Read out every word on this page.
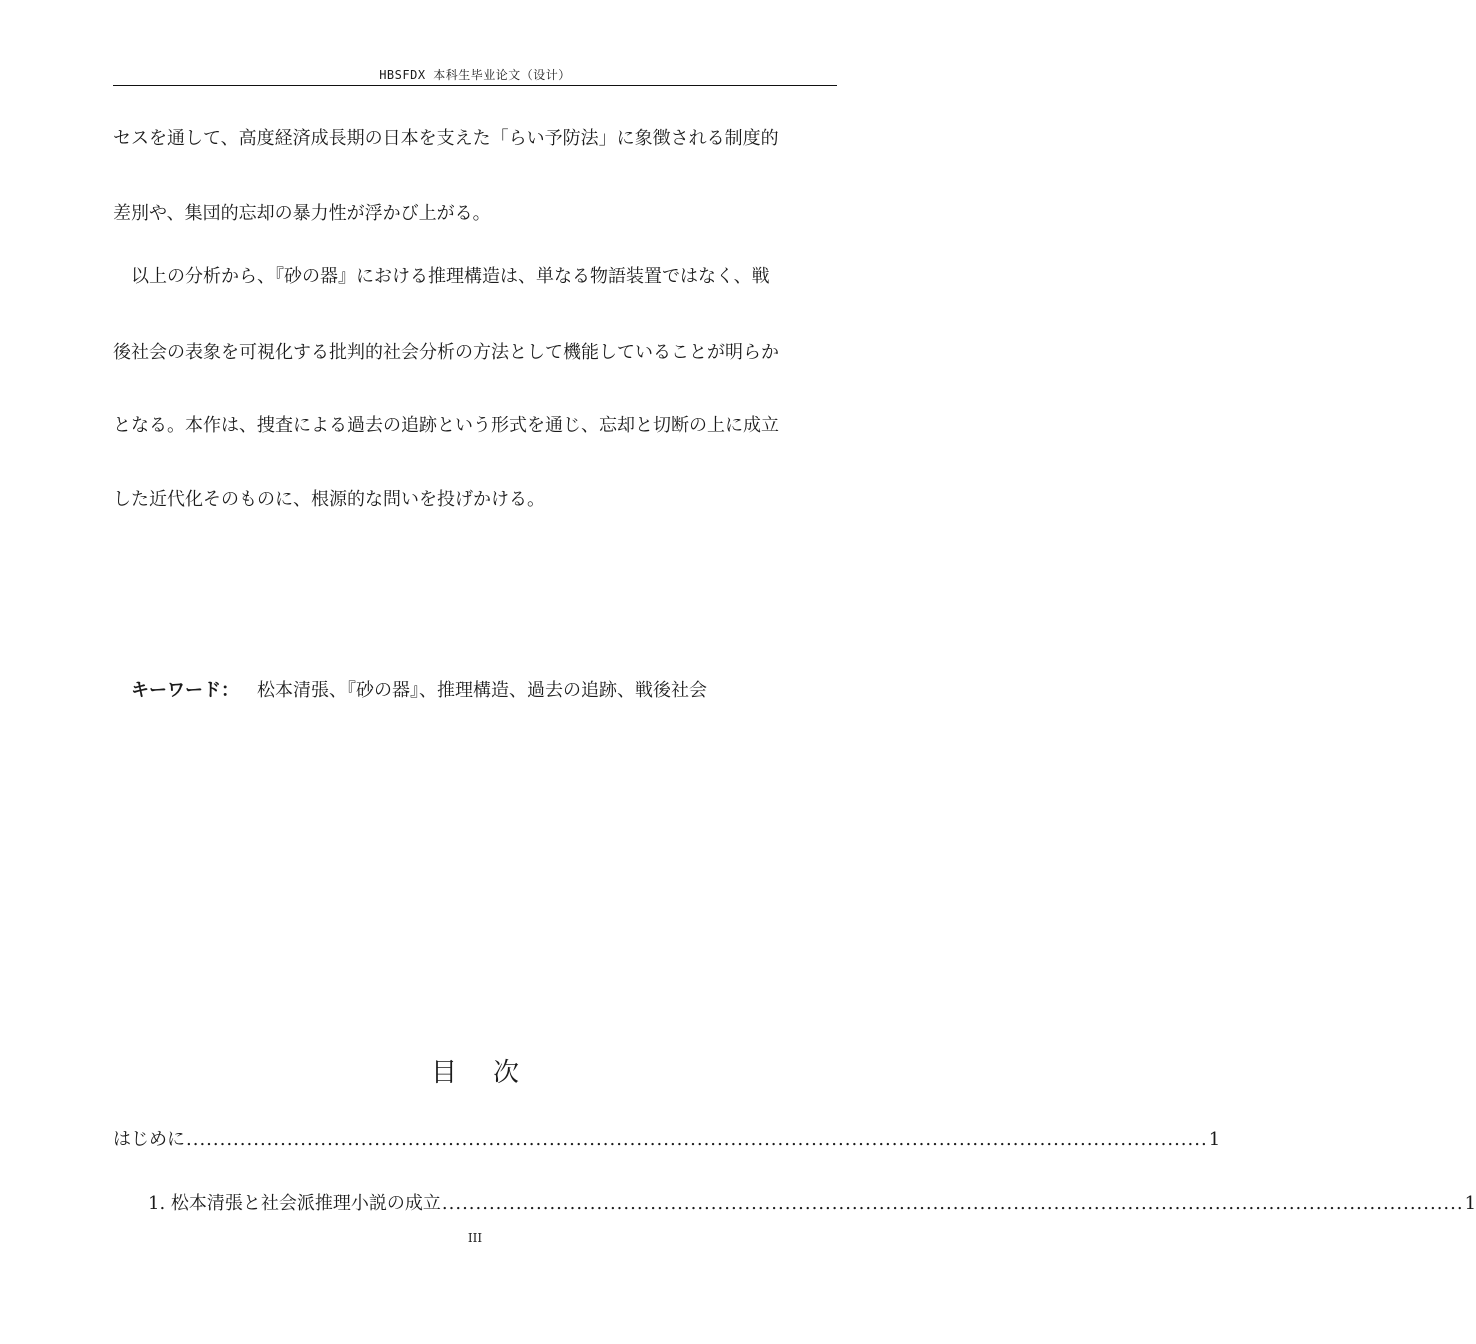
HBSFDX 本科生毕业论文（设计）
セスを通して、高度経済成長期の日本を支えた「らい予防法」に象徴される制度的
差別や、集団的忘却の暴力性が浮かび上がる。
以上の分析から、『砂の器』における推理構造は、単なる物語装置ではなく、戦
後社会の表象を可視化する批判的社会分析の方法として機能していることが明らか
となる。本作は、捜査による過去の追跡という形式を通じ、忘却と切断の上に成立
した近代化そのものに、根源的な問いを投げかける。
キーワード： 松本清張、『砂の器』、推理構造、過去の追跡、戦後社会
目 次
はじめに ........................................................................................................................................................ 1
1. 松本清張と社会派推理小説の成立 ........................................................................................................................................................ 1
III
